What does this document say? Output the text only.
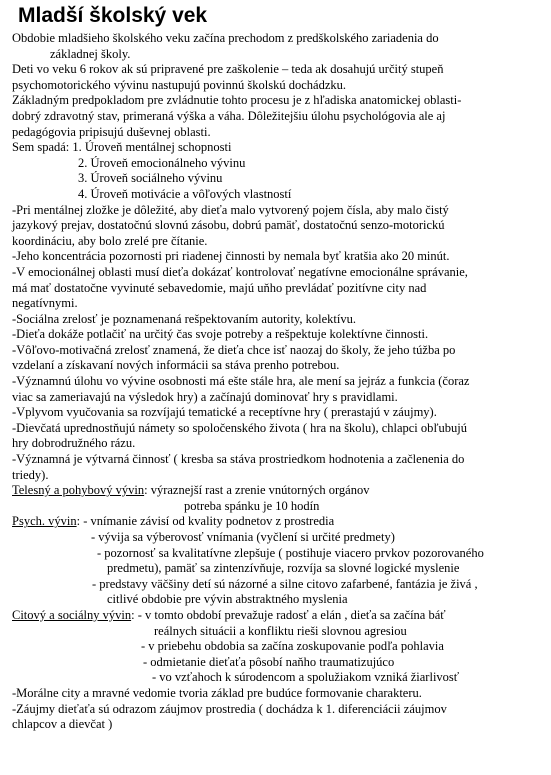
Mladší školský vek
Obdobie mladšieho školského veku začína prechodom z predškolského zariadenia do
základnej školy.
Deti vo veku 6 rokov ak sú pripravené pre zaškolenie – teda ak dosahujú určitý stupeň
psychomotorického vývinu nastupujú povinnú školskú dochádzku.
Základným predpokladom pre zvládnutie tohto procesu je z hľadiska anatomickej oblasti-
dobrý zdravotný stav, primeraná výška a váha. Dôležitejšiu úlohu psychológovia ale aj
pedagógovia pripisujú duševnej oblasti.
Sem spadá: 1. Úroveň mentálnej schopnosti
2. Úroveň emocionálneho vývinu
3. Úroveň sociálneho vývinu
4. Úroveň motivácie a vôľových vlastností
-Pri mentálnej zložke je dôležité, aby dieťa malo vytvorený pojem čísla, aby malo čistý
jazykový prejav, dostatočnú slovnú zásobu, dobrú pamäť, dostatočnú senzo-motorickú
koordináciu, aby bolo zrelé pre čítanie.
-Jeho koncentrácia pozornosti pri riadenej činnosti by nemala byť kratšia ako 20 minút.
-V emocionálnej oblasti musí dieťa dokázať kontrolovať negatívne emocionálne správanie,
má mať dostatočne vyvinuté sebavedomie, majú uňho prevládať pozitívne city nad
negatívnymi.
-Sociálna zrelosť je poznamenaná rešpektovaním autority, kolektívu.
-Dieťa dokáže potlačiť na určitý čas svoje potreby a rešpektuje kolektívne činnosti.
-Vôľovo-motivačná zrelosť znamená, že dieťa chce isť naozaj do školy, že jeho túžba po
vzdelaní a získavaní nových informácii sa stáva prenho potrebou.
-Významnú úlohu vo vývine osobnosti má ešte stále hra, ale mení sa jejráz a funkcia (čoraz
viac sa zameriavajú na výsledok hry) a začínajú dominovať hry s pravidlami.
-Vplyvom vyučovania sa rozvíjajú tematické a receptívne hry ( prerastajú v záujmy).
-Dievčatá uprednostňujú námety so spoločenského života ( hra na školu), chlapci obľubujú
hry dobrodružného rázu.
-Významná je výtvarná činnosť ( kresba sa stáva prostriedkom hodnotenia a začlenenia do
triedy).
Telesný a pohybový vývin: výraznejší rast a zrenie vnútorných orgánov
potreba spánku je 10 hodín
Psych. vývin: - vnímanie závisí od kvality podnetov z prostredia
- vývija sa výberovosť vnímania (vyčlení si určité predmety)
- pozornosť sa kvalitatívne zlepšuje ( postihuje viacero prvkov pozorovaného
predmetu), pamäť sa zintenzívňuje, rozvíja sa slovné logické myslenie
- predstavy väčšiny detí sú názorné a silne citovo zafarbené, fantázia je živá ,
citlivé obdobie pre vývin abstraktného myslenia
Citový a sociálny vývin: - v tomto období prevažuje radosť a elán , dieťa sa začína báť
reálnych situácii a konfliktu rieši slovnou agresiou
- v priebehu obdobia sa začína zoskupovanie podľa pohlavia
- odmietanie dieťaťa pôsobí naňho traumatizujúco
- vo vzťahoch k súrodencom a spolužiakom vzniká žiarlivosť
-Morálne city a mravné vedomie tvoria základ pre budúce formovanie charakteru.
-Záujmy dieťaťa sú odrazom záujmov prostredia ( dochádza k 1. diferenciácii záujmov
chlapcov a dievčat )
